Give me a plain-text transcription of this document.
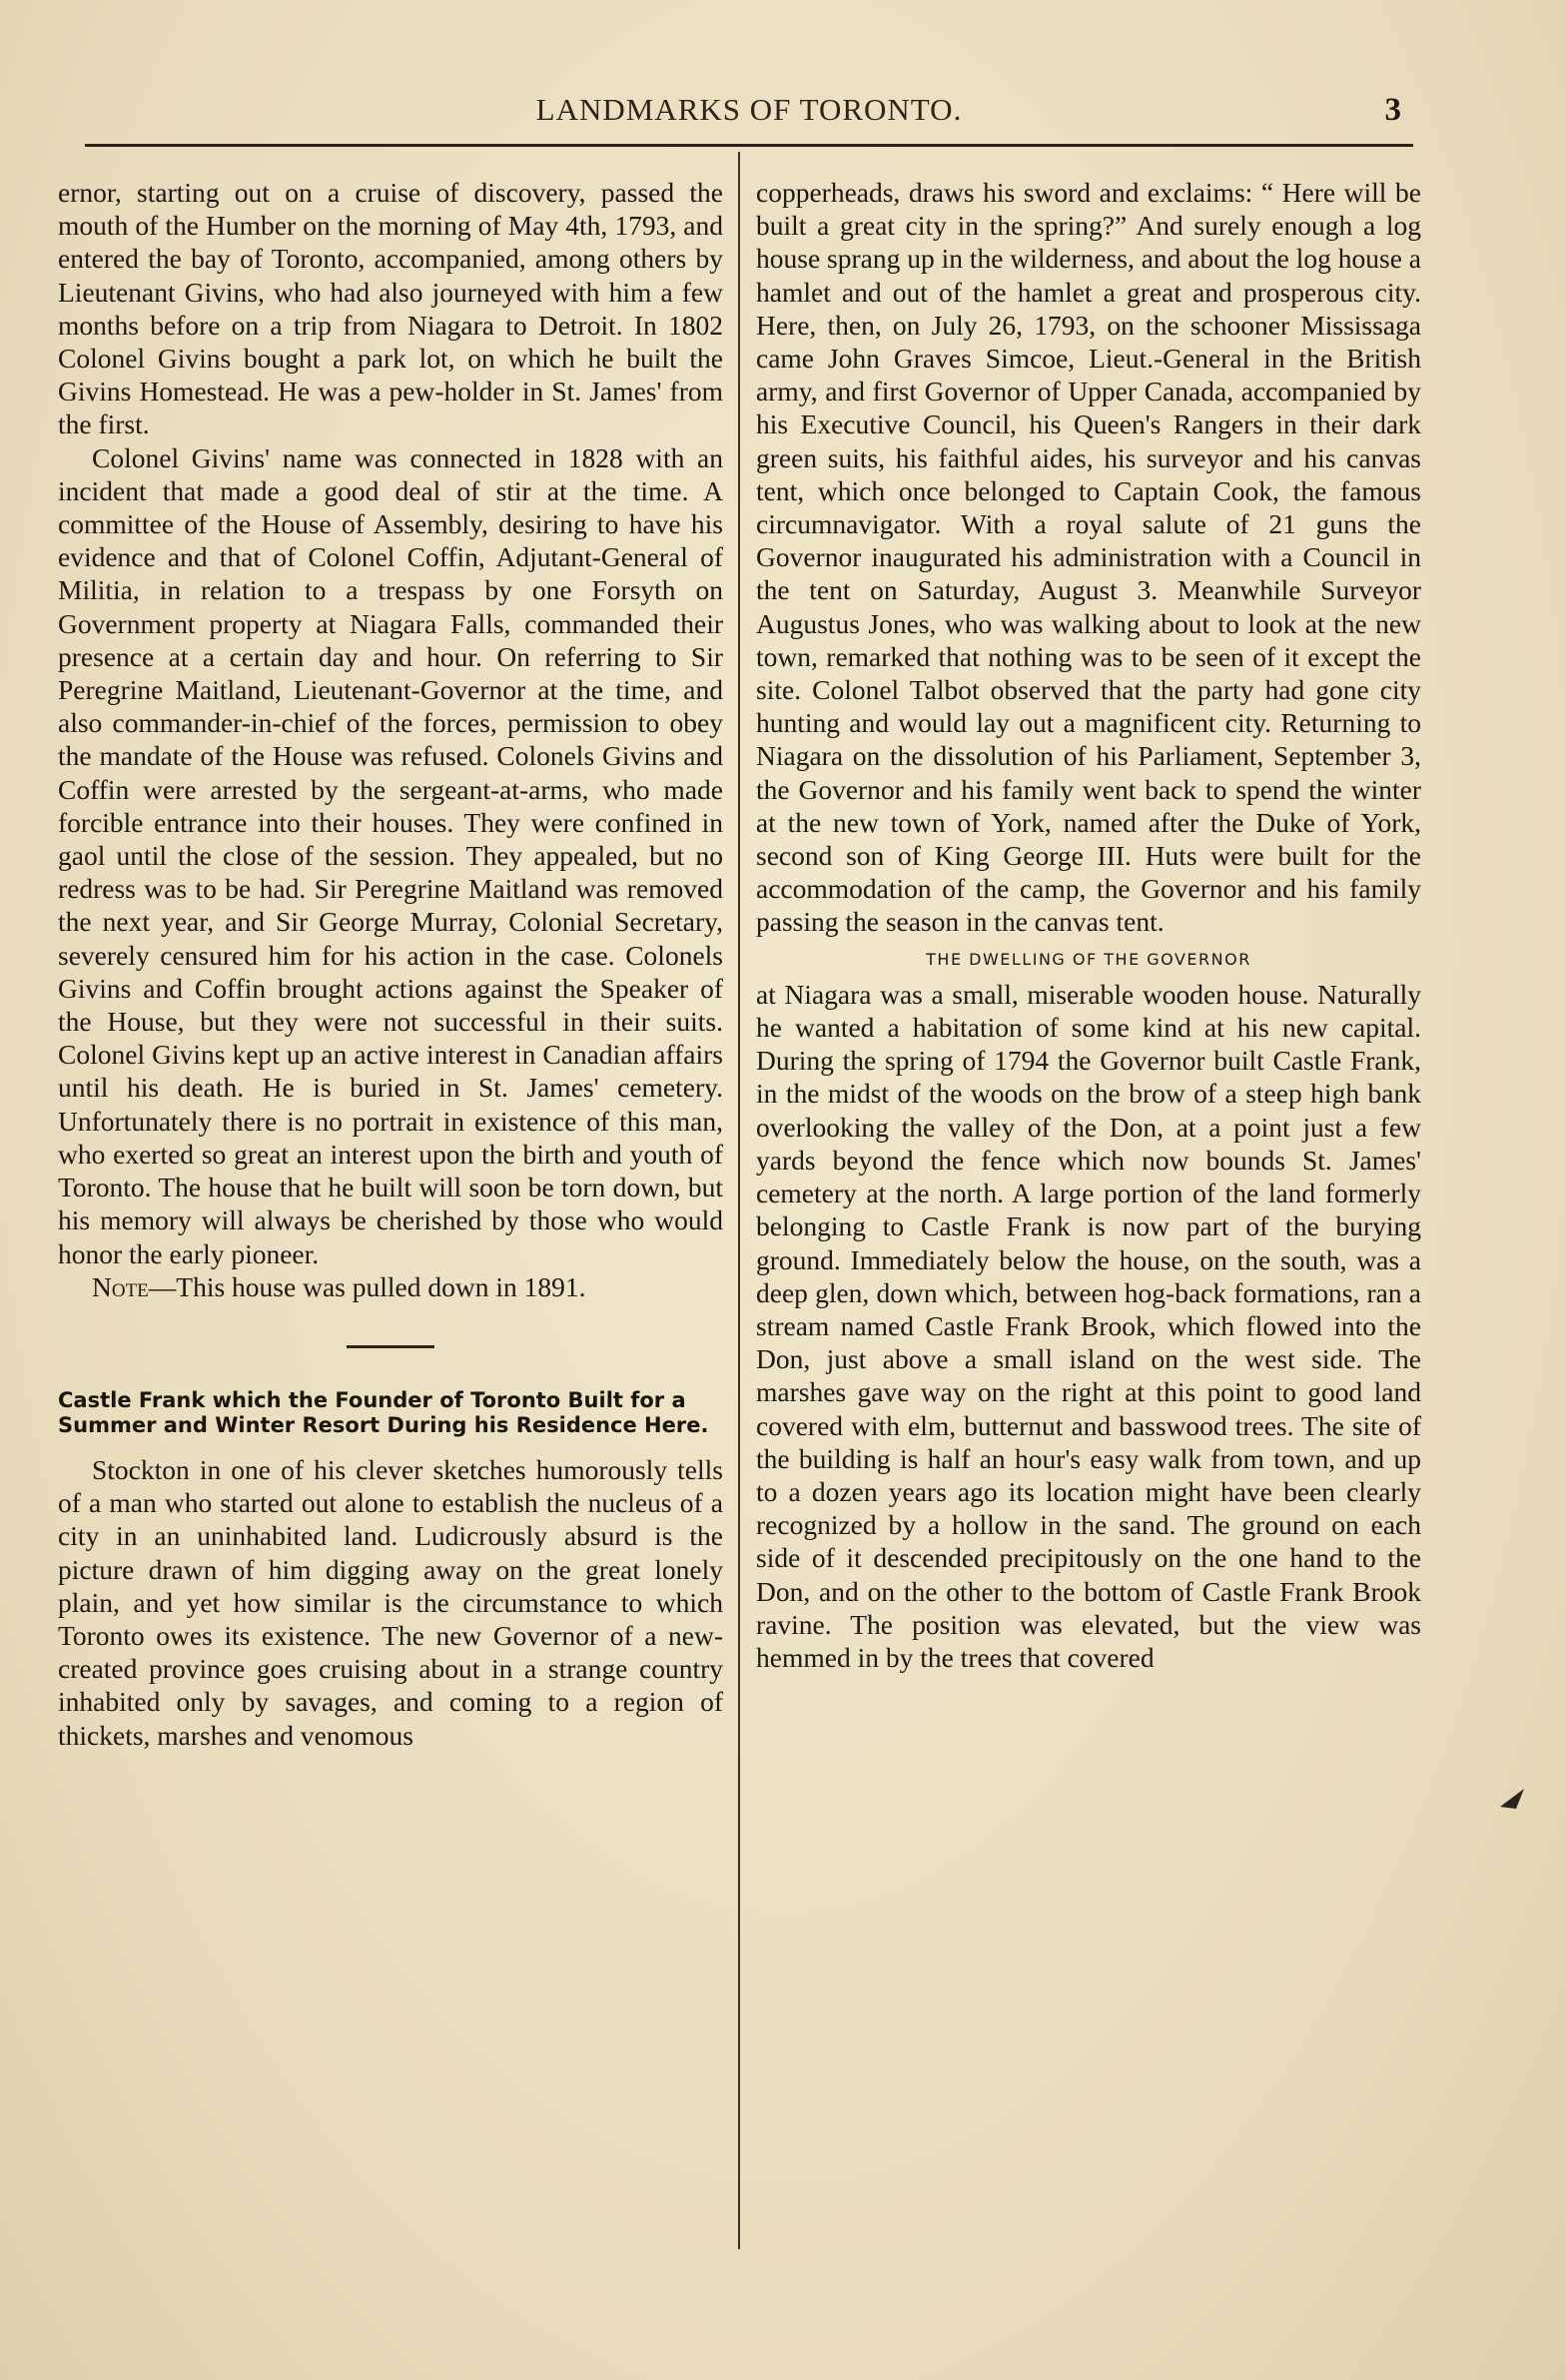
LANDMARKS OF TORONTO.	3

ernor, starting out on a cruise of discovery, passed the mouth of the Humber on the morning of May 4th, 1793, and entered the bay of Toronto, accompanied, among others by Lieutenant Givins, who had also journeyed with him a few months before on a trip from Niagara to Detroit. In 1802 Colonel Givins bought a park lot, on which he built the Givins Homestead. He was a pew-holder in St. James' from the first.

Colonel Givins' name was connected in 1828 with an incident that made a good deal of stir at the time. A committee of the House of Assembly, desiring to have his evidence and that of Colonel Coffin, Adjutant-General of Militia, in relation to a trespass by one Forsyth on Government property at Niagara Falls, commanded their presence at a certain day and hour. On referring to Sir Peregrine Maitland, Lieutenant-Governor at the time, and also commander-in-chief of the forces, permission to obey the mandate of the House was refused. Colonels Givins and Coffin were arrested by the sergeant-at-arms, who made forcible entrance into their houses. They were confined in gaol until the close of the session. They appealed, but no redress was to be had. Sir Peregrine Maitland was removed the next year, and Sir George Murray, Colonial Secretary, severely censured him for his action in the case. Colonels Givins and Coffin brought actions against the Speaker of the House, but they were not successful in their suits. Colonel Givins kept up an active interest in Canadian affairs until his death. He is buried in St. James' cemetery. Unfortunately there is no portrait in existence of this man, who exerted so great an interest upon the birth and youth of Toronto. The house that he built will soon be torn down, but his memory will always be cherished by those who would honor the early pioneer.

Note—This house was pulled down in 1891.

Castle Frank which the Founder of Toronto Built for a Summer and Winter Resort During his Residence Here.

Stockton in one of his clever sketches humorously tells of a man who started out alone to establish the nucleus of a city in an uninhabited land. Ludicrously absurd is the picture drawn of him digging away on the great lonely plain, and yet how similar is the circumstance to which Toronto owes its existence. The new Governor of a new-created province goes cruising about in a strange country inhabited only by savages, and coming to a region of thickets, marshes and venomous

copperheads, draws his sword and exclaims: “ Here will be built a great city in the spring?” And surely enough a log house sprang up in the wilderness, and about the log house a hamlet and out of the hamlet a great and prosperous city. Here, then, on July 26, 1793, on the schooner Mississaga came John Graves Simcoe, Lieut.-General in the British army, and first Governor of Upper Canada, accompanied by his Executive Council, his Queen's Rangers in their dark green suits, his faithful aides, his surveyor and his canvas tent, which once belonged to Captain Cook, the famous circumnavigator. With a royal salute of 21 guns the Governor inaugurated his administration with a Council in the tent on Saturday, August 3. Meanwhile Surveyor Augustus Jones, who was walking about to look at the new town, remarked that nothing was to be seen of it except the site. Colonel Talbot observed that the party had gone city hunting and would lay out a magnificent city. Returning to Niagara on the dissolution of his Parliament, September 3, the Governor and his family went back to spend the winter at the new town of York, named after the Duke of York, second son of King George III. Huts were built for the accommodation of the camp, the Governor and his family passing the season in the canvas tent.

THE DWELLING OF THE GOVERNOR

at Niagara was a small, miserable wooden house. Naturally he wanted a habitation of some kind at his new capital. During the spring of 1794 the Governor built Castle Frank, in the midst of the woods on the brow of a steep high bank overlooking the valley of the Don, at a point just a few yards beyond the fence which now bounds St. James' cemetery at the north. A large portion of the land formerly belonging to Castle Frank is now part of the burying ground. Immediately below the house, on the south, was a deep glen, down which, between hog-back formations, ran a stream named Castle Frank Brook, which flowed into the Don, just above a small island on the west side. The marshes gave way on the right at this point to good land covered with elm, butternut and basswood trees. The site of the building is half an hour's easy walk from town, and up to a dozen years ago its location might have been clearly recognized by a hollow in the sand. The ground on each side of it descended precipitously on the one hand to the Don, and on the other to the bottom of Castle Frank Brook ravine. The position was elevated, but the view was hemmed in by the trees that covered
